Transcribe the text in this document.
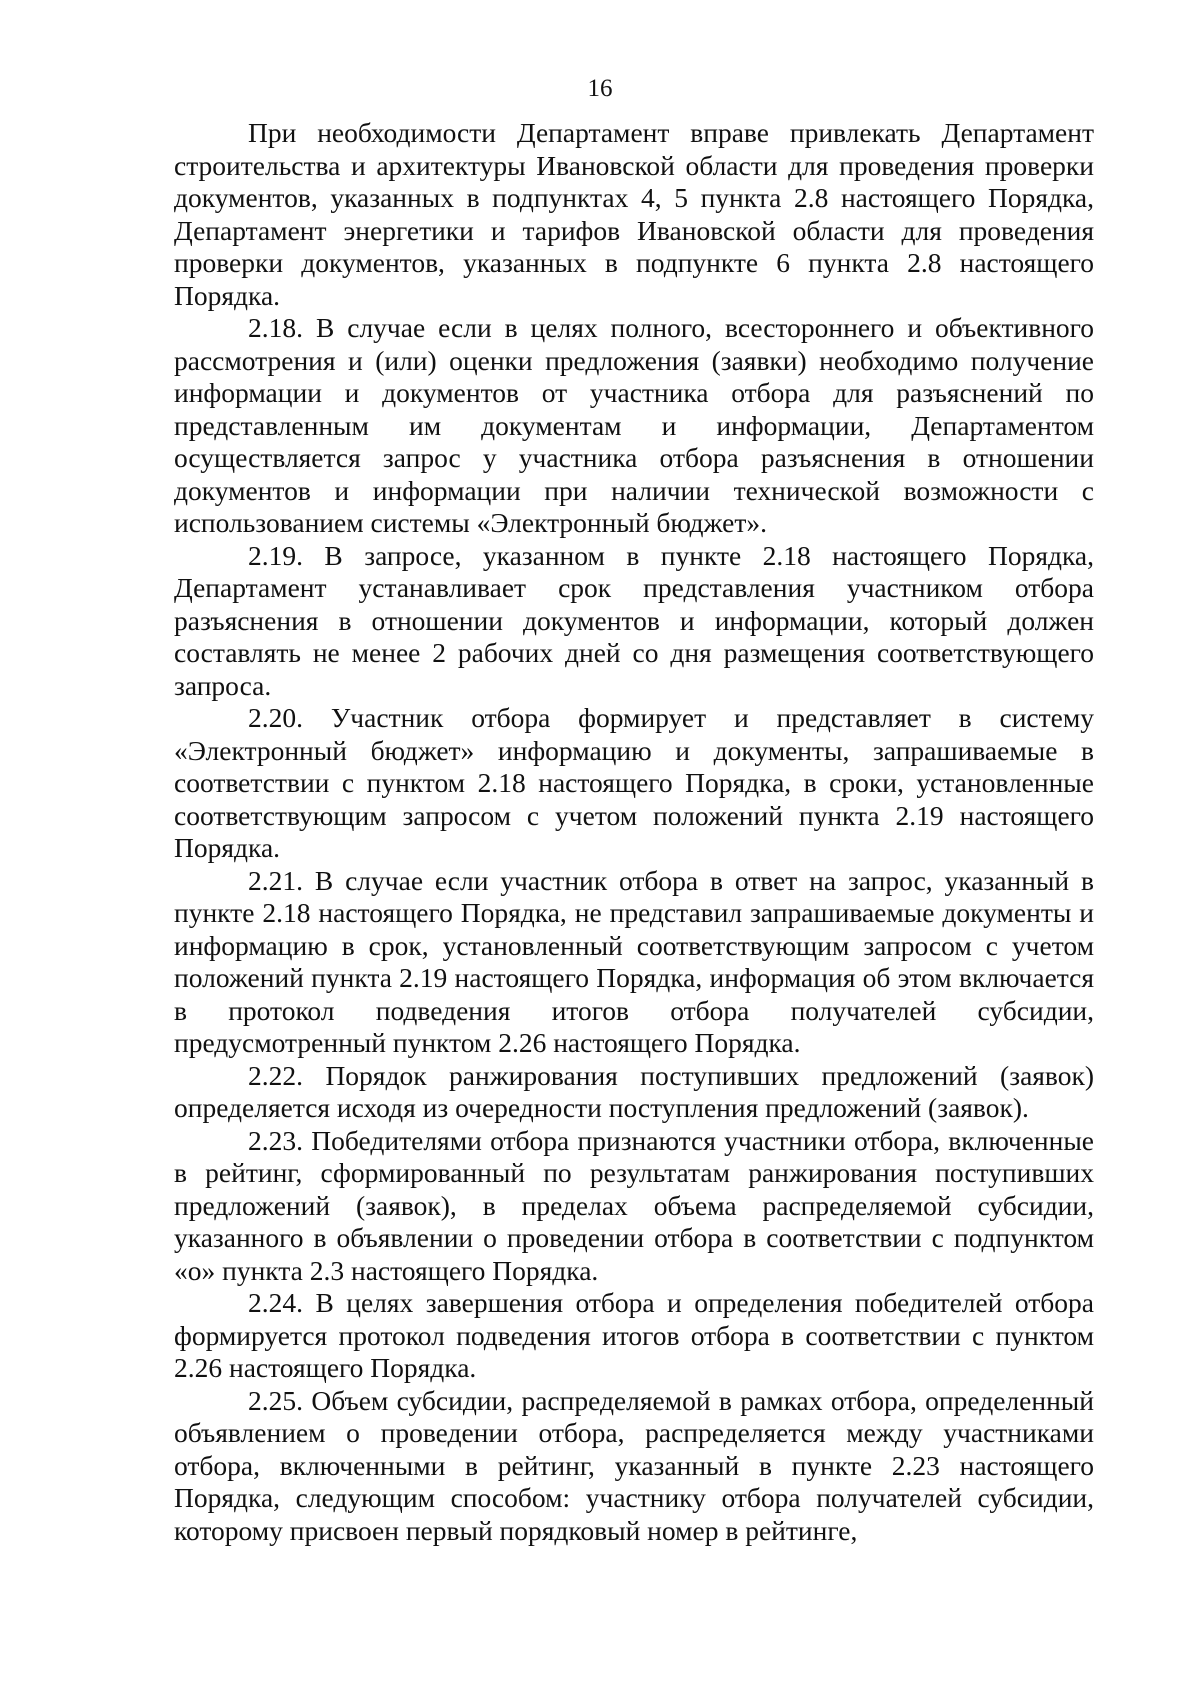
16

При необходимости Департамент вправе привлекать Департамент строительства и архитектуры Ивановской области для проведения проверки документов, указанных в подпунктах 4, 5 пункта 2.8 настоящего Порядка, Департамент энергетики и тарифов Ивановской области для проведения проверки документов, указанных в подпункте 6 пункта 2.8 настоящего Порядка.

2.18. В случае если в целях полного, всестороннего и объективного рассмотрения и (или) оценки предложения (заявки) необходимо получение информации и документов от участника отбора для разъяснений по представленным им документам и информации, Департаментом осуществляется запрос у участника отбора разъяснения в отношении документов и информации при наличии технической возможности с использованием системы «Электронный бюджет».

2.19. В запросе, указанном в пункте 2.18 настоящего Порядка, Департамент устанавливает срок представления участником отбора разъяснения в отношении документов и информации, который должен составлять не менее 2 рабочих дней со дня размещения соответствующего запроса.

2.20. Участник отбора формирует и представляет в систему «Электронный бюджет» информацию и документы, запрашиваемые в соответствии с пунктом 2.18 настоящего Порядка, в сроки, установленные соответствующим запросом с учетом положений пункта 2.19 настоящего Порядка.

2.21. В случае если участник отбора в ответ на запрос, указанный в пункте 2.18 настоящего Порядка, не представил запрашиваемые документы и информацию в срок, установленный соответствующим запросом с учетом положений пункта 2.19 настоящего Порядка, информация об этом включается в протокол подведения итогов отбора получателей субсидии, предусмотренный пунктом 2.26 настоящего Порядка.

2.22. Порядок ранжирования поступивших предложений (заявок) определяется исходя из очередности поступления предложений (заявок).

2.23. Победителями отбора признаются участники отбора, включенные в рейтинг, сформированный по результатам ранжирования поступивших предложений (заявок), в пределах объема распределяемой субсидии, указанного в объявлении о проведении отбора в соответствии с подпунктом «о» пункта 2.3 настоящего Порядка.

2.24. В целях завершения отбора и определения победителей отбора формируется протокол подведения итогов отбора в соответствии с пунктом 2.26 настоящего Порядка.

2.25. Объем субсидии, распределяемой в рамках отбора, определенный объявлением о проведении отбора, распределяется между участниками отбора, включенными в рейтинг, указанный в пункте 2.23 настоящего Порядка, следующим способом: участнику отбора получателей субсидии, которому присвоен первый порядковый номер в рейтинге,
